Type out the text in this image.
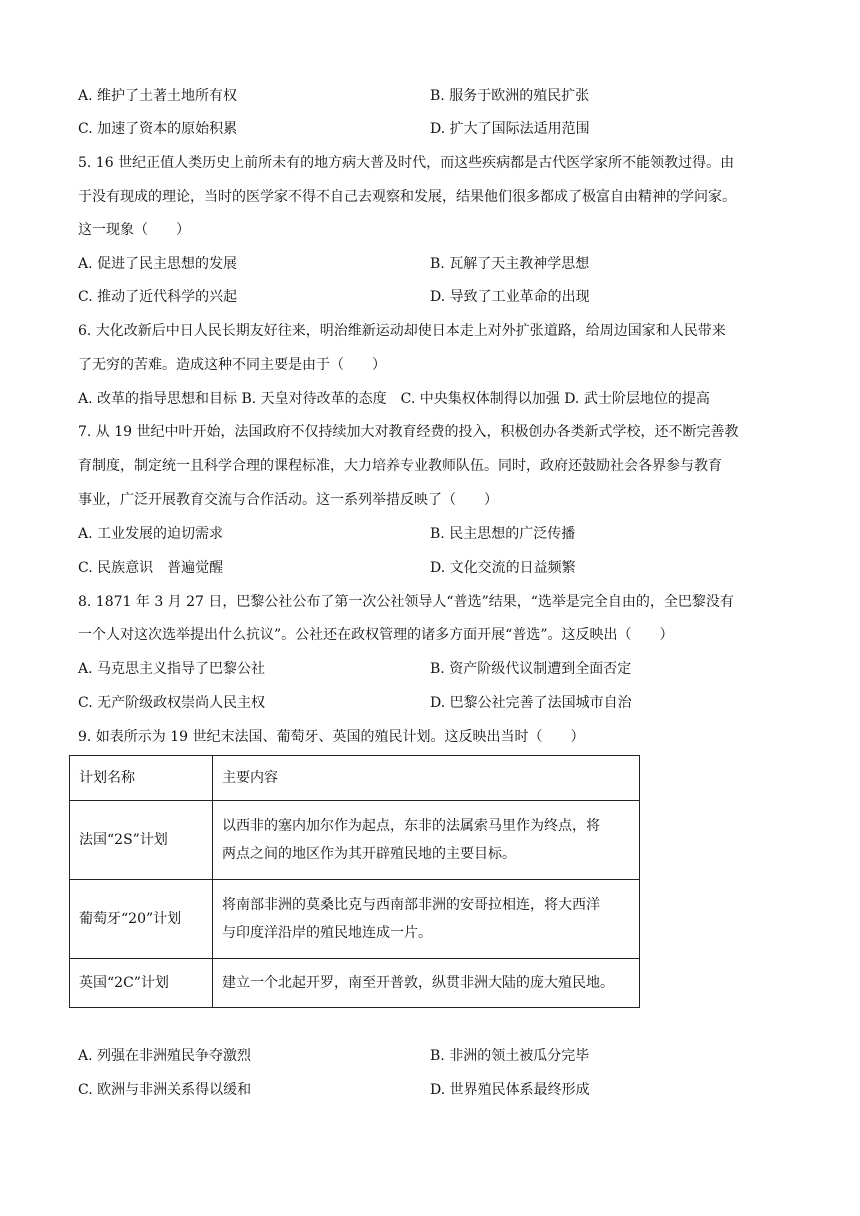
A. 维护了土著土地所有权	B. 服务于欧洲的殖民扩张
C. 加速了资本的原始积累	D. 扩大了国际法适用范围
5. 16 世纪正值人类历史上前所未有的地方病大普及时代，而这些疾病都是古代医学家所不能领教过得。由
于没有现成的理论，当时的医学家不得不自己去观察和发展，结果他们很多都成了极富自由精神的学问家。
这一现象（　　）
A. 促进了民主思想的发展	B. 瓦解了天主教神学思想
C. 推动了近代科学的兴起	D. 导致了工业革命的出现
6. 大化改新后中日人民长期友好往来，明治维新运动却使日本走上对外扩张道路，给周边国家和人民带来
了无穷的苦难。造成这种不同主要是由于（　　）
A. 改革的指导思想和目标 B. 天皇对待改革的态度　C. 中央集权体制得以加强 D. 武士阶层地位的提高
7. 从 19 世纪中叶开始，法国政府不仅持续加大对教育经费的投入，积极创办各类新式学校，还不断完善教
育制度，制定统一且科学合理的课程标准，大力培养专业教师队伍。同时，政府还鼓励社会各界参与教育
事业，广泛开展教育交流与合作活动。这一系列举措反映了（　　）
A. 工业发展的迫切需求	B. 民主思想的广泛传播
C. 民族意识　普遍觉醒	D. 文化交流的日益频繁
8. 1871 年 3 月 27 日，巴黎公社公布了第一次公社领导人“普选”结果，“选举是完全自由的，全巴黎没有
一个人对这次选举提出什么抗议”。公社还在政权管理的诸多方面开展“普选”。这反映出（　　）
A. 马克思主义指导了巴黎公社	B. 资产阶级代议制遭到全面否定
C. 无产阶级政权崇尚人民主权	D. 巴黎公社完善了法国城市自治
9. 如表所示为 19 世纪末法国、葡萄牙、英国的殖民计划。这反映出当时（　　）
计划名称	主要内容
法国“2S”计划	以西非的塞内加尔作为起点，东非的法属索马里作为终点，将
两点之间的地区作为其开辟殖民地的主要目标。

葡萄牙“20”计划	将南部非洲的莫桑比克与西南部非洲的安哥拉相连，将大西洋
与印度洋沿岸的殖民地连成一片。

英国“2C”计划	建立一个北起开罗，南至开普敦，纵贯非洲大陆的庞大殖民地。
A. 列强在非洲殖民争夺激烈	B. 非洲的领土被瓜分完毕
C. 欧洲与非洲关系得以缓和	D. 世界殖民体系最终形成
